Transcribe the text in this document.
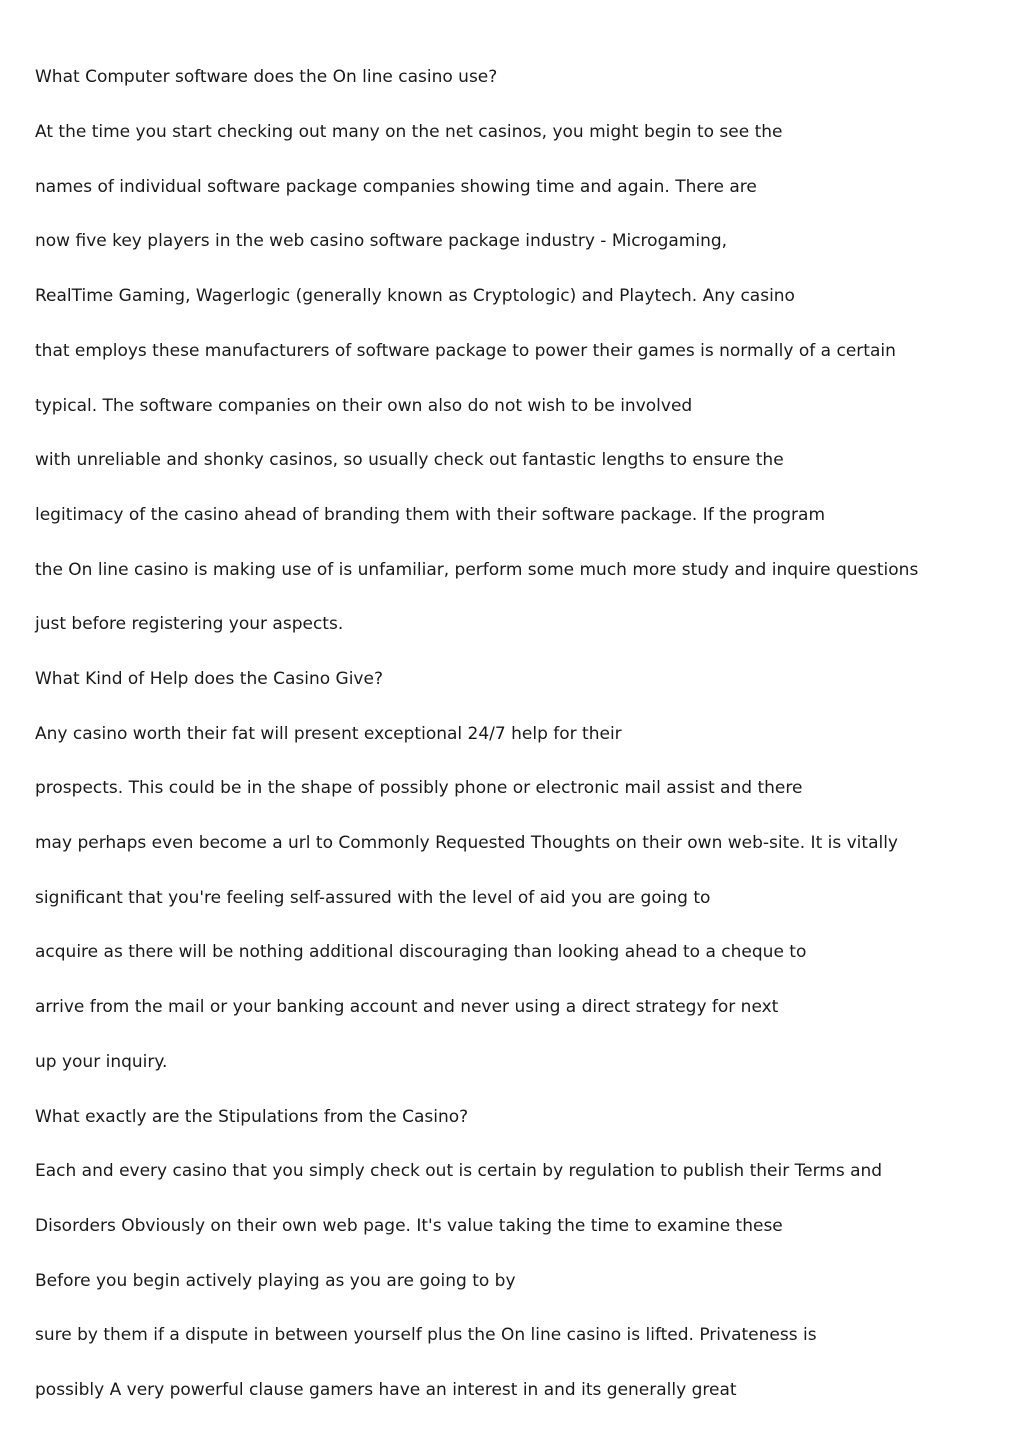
What Computer software does the On line casino use?

At the time you start checking out many on the net casinos, you might begin to see the

names of individual software package companies showing time and again. There are

now five key players in the web casino software package industry - Microgaming,

RealTime Gaming, Wagerlogic (generally known as Cryptologic) and Playtech. Any casino

that employs these manufacturers of software package to power their games is normally of a certain

typical. The software companies on their own also do not wish to be involved

with unreliable and shonky casinos, so usually check out fantastic lengths to ensure the

legitimacy of the casino ahead of branding them with their software package. If the program

the On line casino is making use of is unfamiliar, perform some much more study and inquire questions

just before registering your aspects.

What Kind of Help does the Casino Give?

Any casino worth their fat will present exceptional 24/7 help for their

prospects. This could be in the shape of possibly phone or electronic mail assist and there

may perhaps even become a url to Commonly Requested Thoughts on their own web-site. It is vitally

significant that you're feeling self-assured with the level of aid you are going to

acquire as there will be nothing additional discouraging than looking ahead to a cheque to

arrive from the mail or your banking account and never using a direct strategy for next

up your inquiry.

What exactly are the Stipulations from the Casino?

Each and every casino that you simply check out is certain by regulation to publish their Terms and

Disorders Obviously on their own web page. It's value taking the time to examine these

Before you begin actively playing as you are going to by

sure by them if a dispute in between yourself plus the On line casino is lifted. Privateness is

possibly A very powerful clause gamers have an interest in and its generally great
